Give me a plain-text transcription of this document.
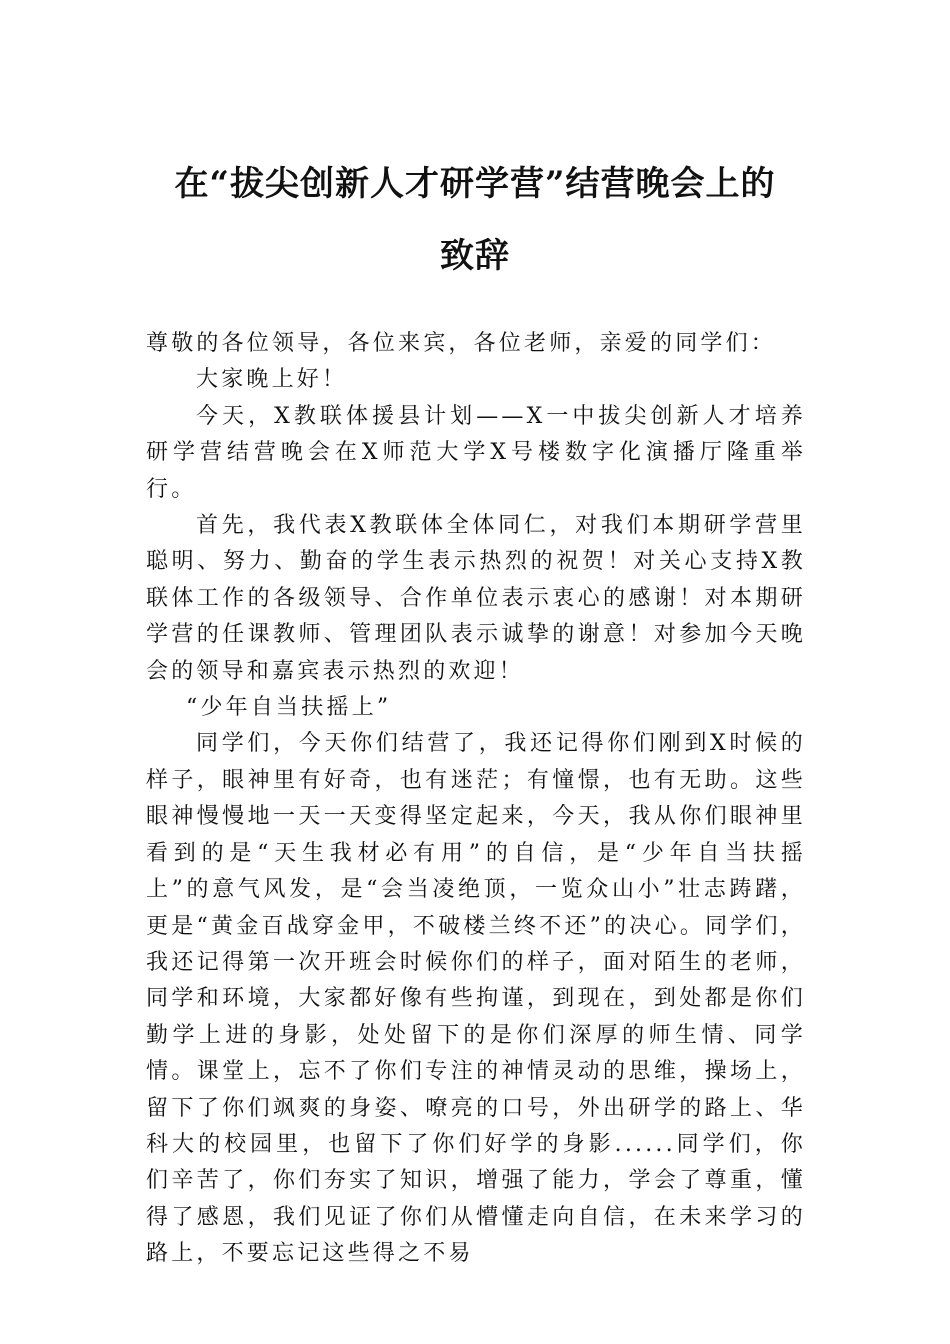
在“拔尖创新人才研学营”结营晚会上的
致辞

尊敬的各位领导，各位来宾，各位老师，亲爱的同学们：

大家晚上好！

今天，X教联体援县计划——X一中拔尖创新人才培养研学营结营晚会在X师范大学X号楼数字化演播厅隆重举行。

首先，我代表X教联体全体同仁，对我们本期研学营里聪明、努力、勤奋的学生表示热烈的祝贺！对关心支持X教联体工作的各级领导、合作单位表示衷心的感谢！对本期研学营的任课教师、管理团队表示诚挚的谢意！对参加今天晚会的领导和嘉宾表示热烈的欢迎！

“少年自当扶摇上”

同学们，今天你们结营了，我还记得你们刚到X时候的样子，眼神里有好奇，也有迷茫；有憧憬，也有无助。这些眼神慢慢地一天一天变得坚定起来，今天，我从你们眼神里看到的是“天生我材必有用”的自信，是“少年自当扶摇上”的意气风发，是“会当凌绝顶，一览众山小”壮志踌躇，更是“黄金百战穿金甲，不破楼兰终不还”的决心。同学们，我还记得第一次开班会时候你们的样子，面对陌生的老师，同学和环境，大家都好像有些拘谨，到现在，到处都是你们勤学上进的身影，处处留下的是你们深厚的师生情、同学情。课堂上，忘不了你们专注的神情灵动的思维，操场上，留下了你们飒爽的身姿、嘹亮的口号，外出研学的路上、华科大的校园里，也留下了你们好学的身影......同学们，你们辛苦了，你们夯实了知识，增强了能力，学会了尊重，懂得了感恩，我们见证了你们从懵懂走向自信，在未来学习的路上，不要忘记这些得之不易
